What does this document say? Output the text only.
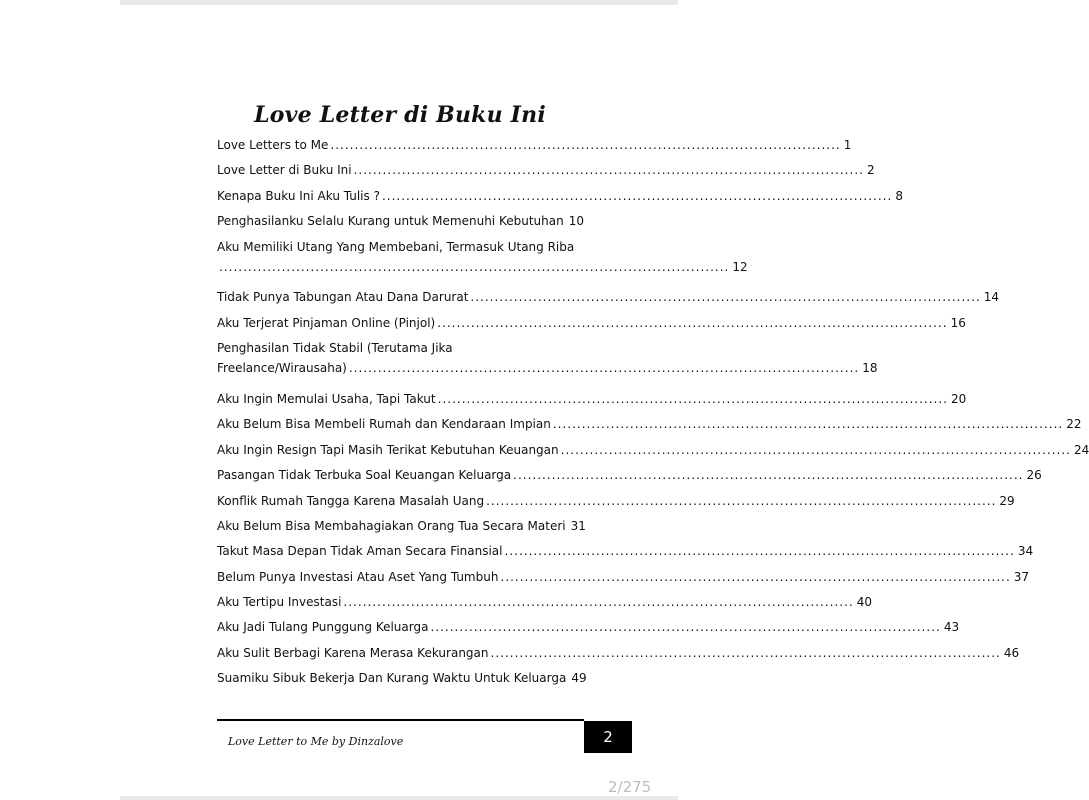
Love Letter di Buku Ini
Love Letters to Me .......................................................................................................... 1
Love Letter di Buku Ini .......................................................................................................... 2
Kenapa Buku Ini Aku Tulis ? .......................................................................................................... 8
Penghasilanku Selalu Kurang untuk Memenuhi Kebutuhan 10
Aku Memiliki Utang Yang Membebani, Termasuk Utang Riba
.......................................................................................................... 12
Tidak Punya Tabungan Atau Dana Darurat .......................................................................................................... 14
Aku Terjerat Pinjaman Online (Pinjol) .......................................................................................................... 16
Penghasilan Tidak Stabil (Terutama Jika
Freelance/Wirausaha) .......................................................................................................... 18
Aku Ingin Memulai Usaha, Tapi Takut .......................................................................................................... 20
Aku Belum Bisa Membeli Rumah dan Kendaraan Impian .......................................................................................................... 22
Aku Ingin Resign Tapi Masih Terikat Kebutuhan Keuangan .......................................................................................................... 24
Pasangan Tidak Terbuka Soal Keuangan Keluarga .......................................................................................................... 26
Konflik Rumah Tangga Karena Masalah Uang .......................................................................................................... 29
Aku Belum Bisa Membahagiakan Orang Tua Secara Materi 31
Takut Masa Depan Tidak Aman Secara Finansial .......................................................................................................... 34
Belum Punya Investasi Atau Aset Yang Tumbuh .......................................................................................................... 37
Aku Tertipu Investasi .......................................................................................................... 40
Aku Jadi Tulang Punggung Keluarga .......................................................................................................... 43
Aku Sulit Berbagi Karena Merasa Kekurangan .......................................................................................................... 46
Suamiku Sibuk Bekerja Dan Kurang Waktu Untuk Keluarga 49
Love Letter to Me by Dinzalove	2
2/275
